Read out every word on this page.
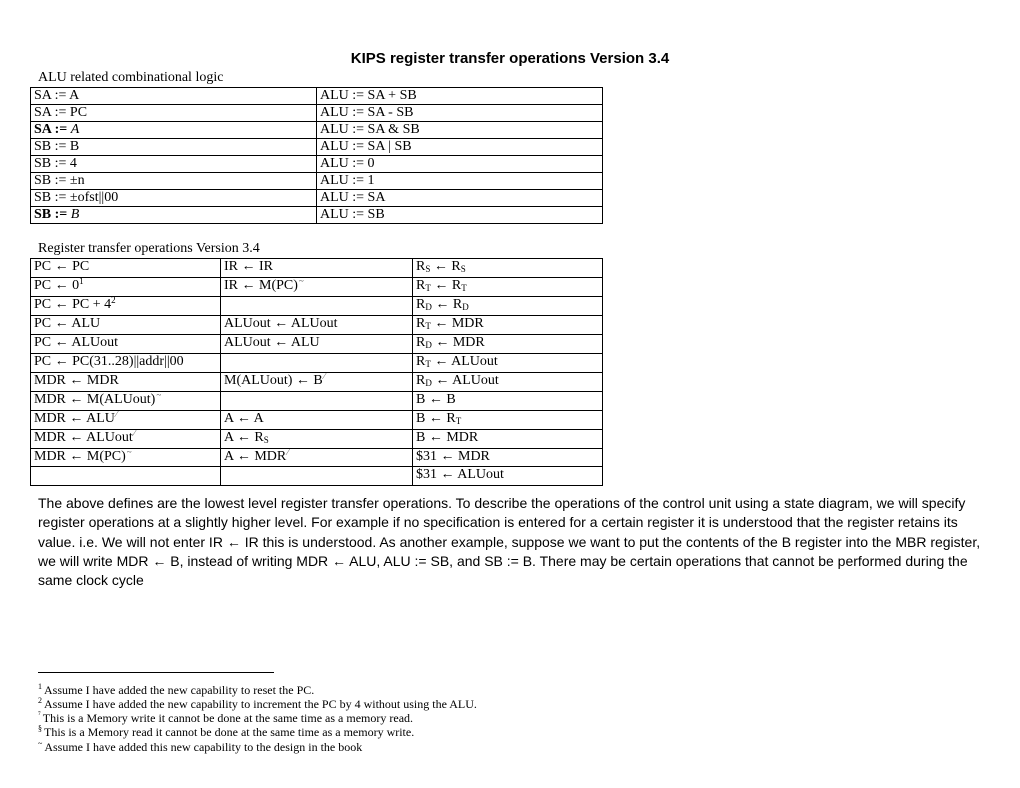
KIPS register transfer operations Version 3.4
ALU related combinational logic
SA := A	ALU := SA + SB
SA := PC	ALU := SA - SB
SA := $\overline{A}$	ALU := SA & SB
SB := B	ALU := SA | SB
SB := 4	ALU := 0
SB := ±n	ALU := 1
SB := ±ofst||00	ALU := SA
SB := $\overline{B}$	ALU := SB
Register transfer operations Version 3.4
PC ← PC	IR ← IR	$R_S$ ← $R_S$
PC ← $0^1$	IR ← M(PC)~	$R_T$ ← $R_T$
PC ← PC + $4^2$		$R_D$ ← $R_D$
PC ← ALU	ALUout ← ALUout	$R_T$ ← MDR
PC ← ALUout	ALUout ← ALU	$R_D$ ← MDR
PC ← PC(31..28)||addr||00		$R_T$ ← ALUout
MDR ← MDR	M(ALUout) ← B⁄	$R_D$ ← ALUout
MDR ← M(ALUout)~		B ← B
MDR ← ALU⁄	A ← A	B ← $R_T$
MDR ← ALUout⁄	A ← $R_S$	B ← MDR
MDR ← M(PC)~	A ← MDR⁄	$31 ← MDR
		$31 ← ALUout
The above defines are the lowest level register transfer operations. To describe the operations of the control unit using a state diagram, we will specify register operations at a slightly higher level. For example if no specification is entered for a certain register it is understood that the register retains its value. i.e. We will not enter IR ← IR this is understood. As another example, suppose we want to put the contents of the B register into the MBR register, we will write MDR ← B, instead of writing MDR ← ALU, ALU := SB, and SB := B. There may be certain operations that cannot be performed during the same clock cycle
$^1$ Assume I have added the new capability to reset the PC.
$^2$ Assume I have added the new capability to increment the PC by 4 without using the ALU.
$^{^7}$ This is a Memory write it cannot be done at the same time as a memory read.
§ This is a Memory read it cannot be done at the same time as a memory write.
~ Assume I have added this new capability to the design in the book
